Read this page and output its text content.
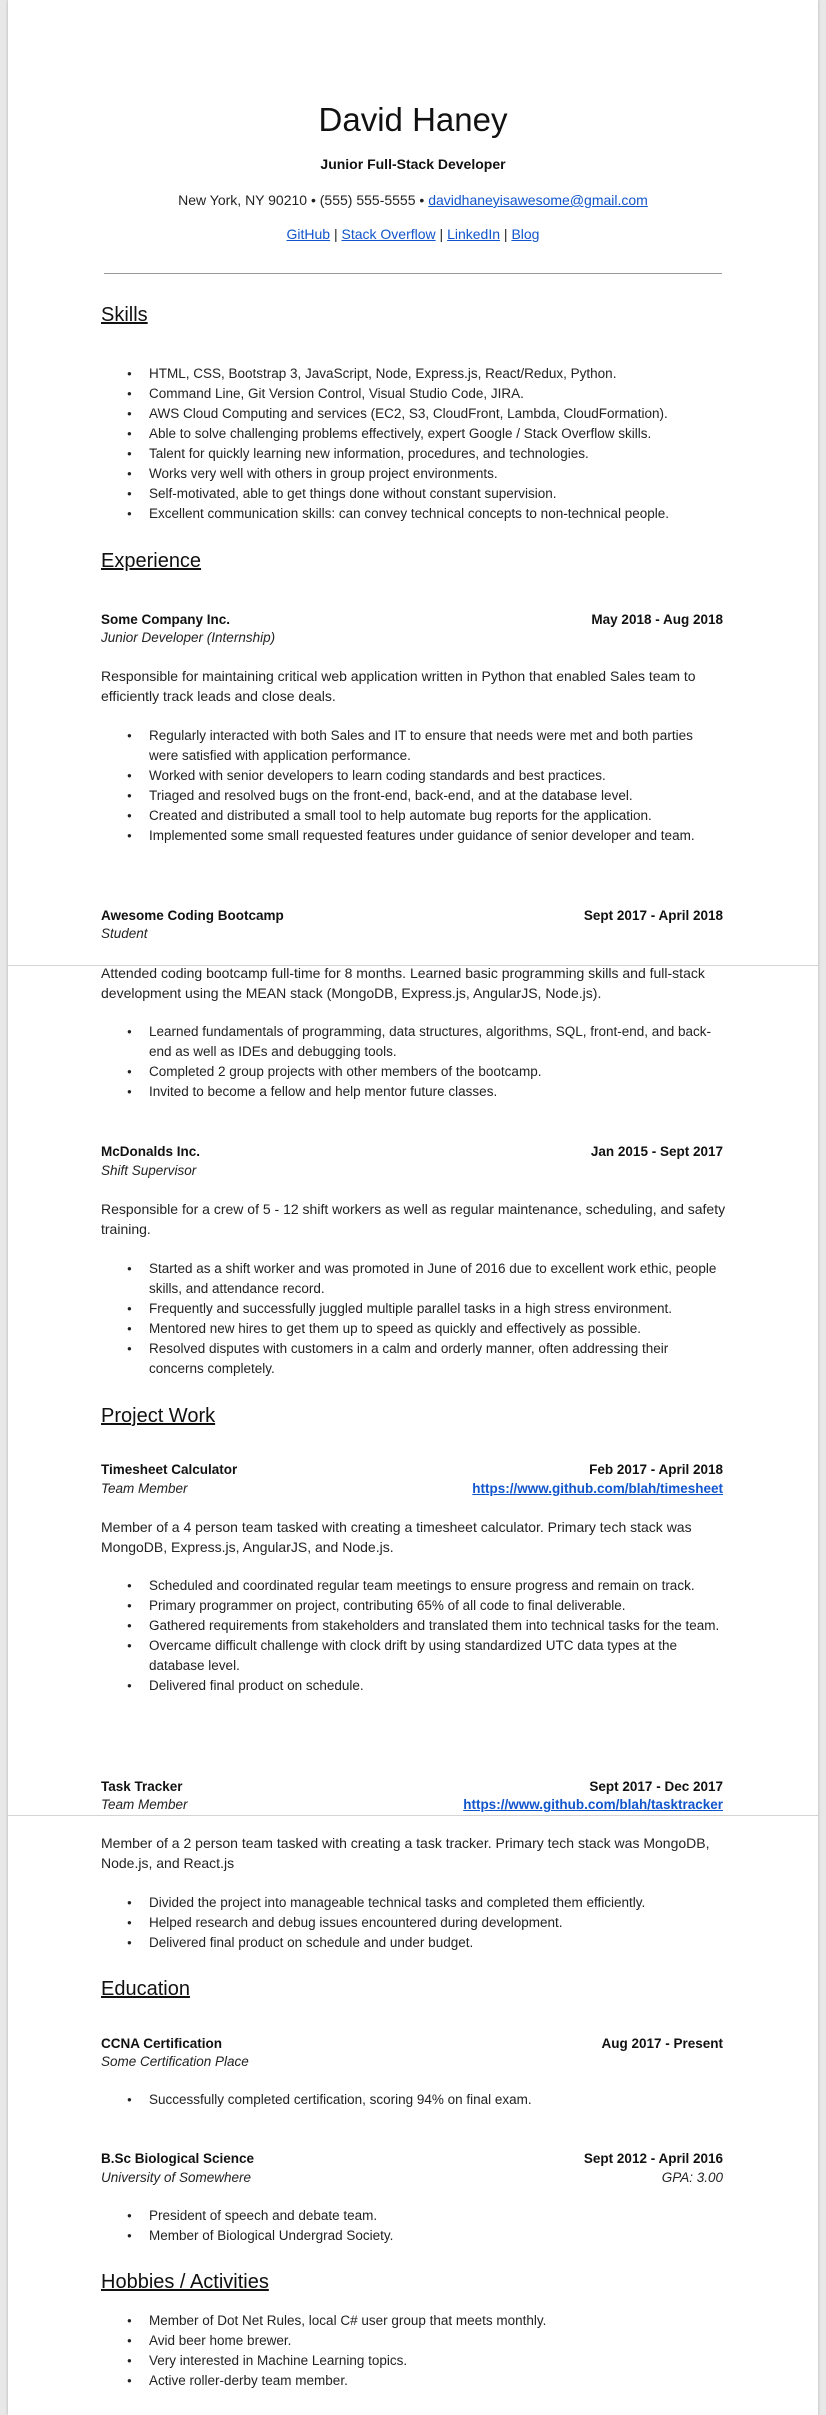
David Haney
Junior Full-Stack Developer
New York, NY 90210 • (555) 555-5555 • davidhaneyisawesome@gmail.com
GitHub | Stack Overflow | LinkedIn | Blog
Skills
● HTML, CSS, Bootstrap 3, JavaScript, Node, Express.js, React/Redux, Python.
● Command Line, Git Version Control, Visual Studio Code, JIRA.
● AWS Cloud Computing and services (EC2, S3, CloudFront, Lambda, CloudFormation).
● Able to solve challenging problems effectively, expert Google / Stack Overflow skills.
● Talent for quickly learning new information, procedures, and technologies.
● Works very well with others in group project environments.
● Self-motivated, able to get things done without constant supervision.
● Excellent communication skills: can convey technical concepts to non-technical people.
Experience
Some Company Inc.	May 2018 - Aug 2018
Junior Developer (Internship)
Responsible for maintaining critical web application written in Python that enabled Sales team to efficiently track leads and close deals.
● Regularly interacted with both Sales and IT to ensure that needs were met and both parties were satisfied with application performance.
● Worked with senior developers to learn coding standards and best practices.
● Triaged and resolved bugs on the front-end, back-end, and at the database level.
● Created and distributed a small tool to help automate bug reports for the application.
● Implemented some small requested features under guidance of senior developer and team.
Awesome Coding Bootcamp	Sept 2017 - April 2018
Student
Attended coding bootcamp full-time for 8 months. Learned basic programming skills and full-stack development using the MEAN stack (MongoDB, Express.js, AngularJS, Node.js).
● Learned fundamentals of programming, data structures, algorithms, SQL, front-end, and back-end as well as IDEs and debugging tools.
● Completed 2 group projects with other members of the bootcamp.
● Invited to become a fellow and help mentor future classes.
McDonalds Inc.	Jan 2015 - Sept 2017
Shift Supervisor
Responsible for a crew of 5 - 12 shift workers as well as regular maintenance, scheduling, and safety training.
● Started as a shift worker and was promoted in June of 2016 due to excellent work ethic, people skills, and attendance record.
● Frequently and successfully juggled multiple parallel tasks in a high stress environment.
● Mentored new hires to get them up to speed as quickly and effectively as possible.
● Resolved disputes with customers in a calm and orderly manner, often addressing their concerns completely.
Project Work
Timesheet Calculator	Feb 2017 - April 2018
Team Member	https://www.github.com/blah/timesheet
Member of a 4 person team tasked with creating a timesheet calculator. Primary tech stack was MongoDB, Express.js, AngularJS, and Node.js.
● Scheduled and coordinated regular team meetings to ensure progress and remain on track.
● Primary programmer on project, contributing 65% of all code to final deliverable.
● Gathered requirements from stakeholders and translated them into technical tasks for the team.
● Overcame difficult challenge with clock drift by using standardized UTC data types at the database level.
● Delivered final product on schedule.
Task Tracker	Sept 2017 - Dec 2017
Team Member	https://www.github.com/blah/tasktracker
Member of a 2 person team tasked with creating a task tracker. Primary tech stack was MongoDB, Node.js, and React.js
● Divided the project into manageable technical tasks and completed them efficiently.
● Helped research and debug issues encountered during development.
● Delivered final product on schedule and under budget.
Education
CCNA Certification	Aug 2017 - Present
Some Certification Place
● Successfully completed certification, scoring 94% on final exam.
B.Sc Biological Science	Sept 2012 - April 2016
University of Somewhere	GPA: 3.00
● President of speech and debate team.
● Member of Biological Undergrad Society.
Hobbies / Activities
● Member of Dot Net Rules, local C# user group that meets monthly.
● Avid beer home brewer.
● Very interested in Machine Learning topics.
● Active roller-derby team member.
